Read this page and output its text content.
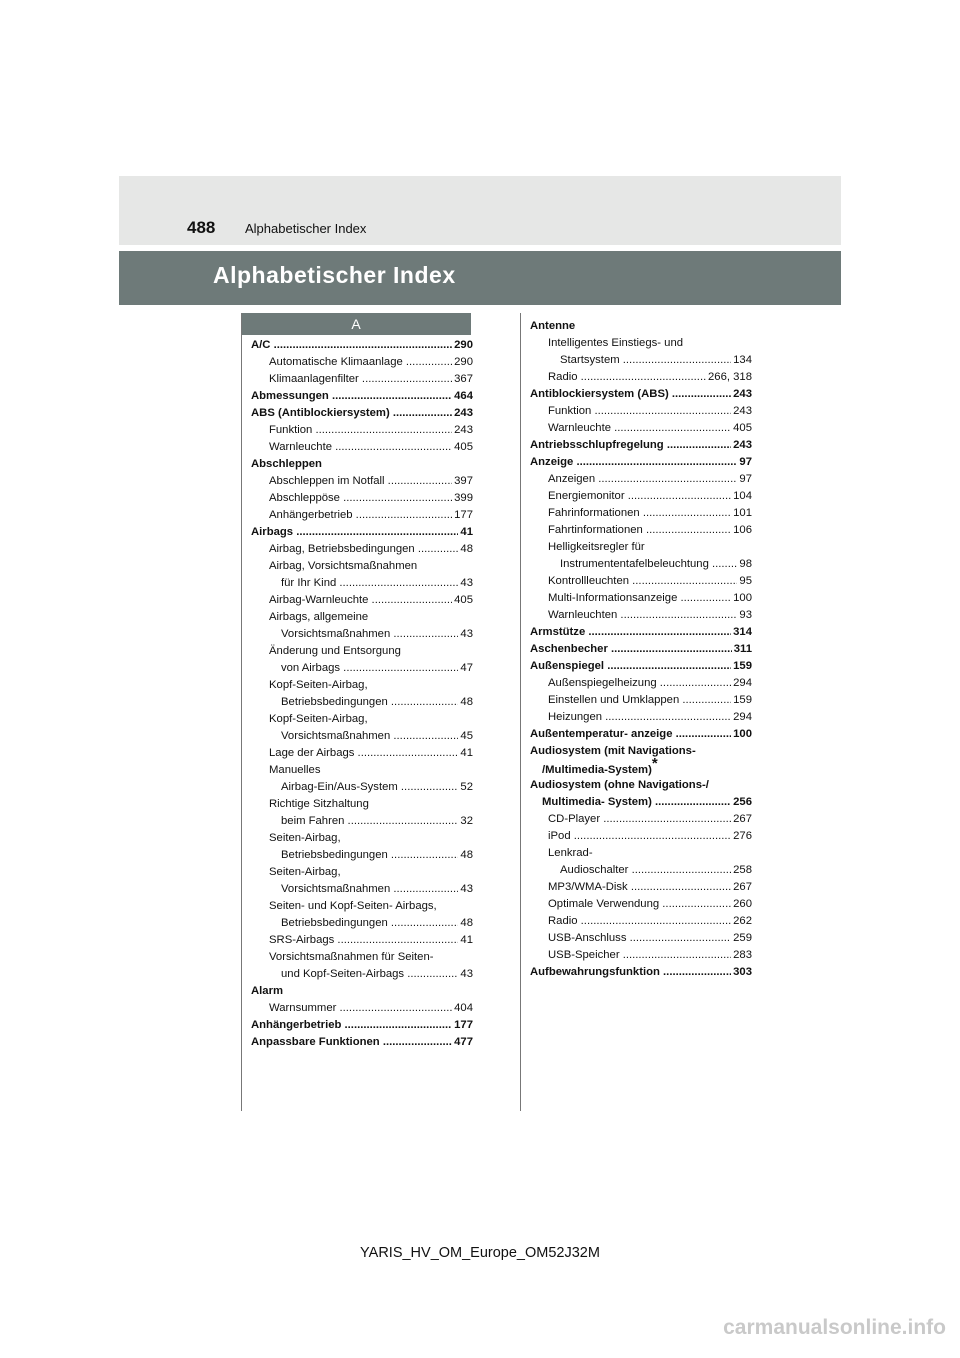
488 Alphabetischer Index
Alphabetischer Index
A
A/C .....	290
Automatische Klimaanlage .....	290
Klimaanlagenfilter .....	367
Abmessungen .....	464
ABS (Antiblockiersystem) .....	243
Funktion .....	243
Warnleuchte .....	405
Abschleppen
Abschleppen im Notfall .....	397
Abschleppöse .....	399
Anhängerbetrieb .....	177
Airbags .....	41
Airbag, Betriebsbedingungen .....	48
Airbag, Vorsichtsmaßnahmen
für Ihr Kind .....	43
Airbag-Warnleuchte .....	405
Airbags, allgemeine
Vorsichtsmaßnahmen .....	43
Änderung und Entsorgung
von Airbags .....	47
Kopf-Seiten-Airbag,
Betriebsbedingungen .....	48
Kopf-Seiten-Airbag,
Vorsichtsmaßnahmen .....	45
Lage der Airbags .....	41
Manuelles
Airbag-Ein/Aus-System .....	52
Richtige Sitzhaltung
beim Fahren .....	32
Seiten-Airbag,
Betriebsbedingungen .....	48
Seiten-Airbag,
Vorsichtsmaßnahmen .....	43
Seiten- und Kopf-Seiten- Airbags,
Betriebsbedingungen .....	48
SRS-Airbags .....	41
Vorsichtsmaßnahmen für Seiten-
und Kopf-Seiten-Airbags .....	43
Alarm
Warnsummer .....	404
Anhängerbetrieb .....	177
Anpassbare Funktionen .....	477
Antenne
Intelligentes Einstiegs- und
Startsystem .....	134
Radio .....	266, 318
Antiblockiersystem (ABS) .....	243
Funktion .....	243
Warnleuchte .....	405
Antriebsschlupfregelung .....	243
Anzeige .....	97
Anzeigen .....	97
Energiemonitor .....	104
Fahrinformationen .....	101
Fahrtinformationen .....	106
Helligkeitsregler für
Instrumententafelbeleuchtung .....	98
Kontrollleuchten .....	95
Multi-Informationsanzeige .....	100
Warnleuchten .....	93
Armstütze .....	314
Aschenbecher .....	311
Außenspiegel .....	159
Außenspiegelheizung .....	294
Einstellen und Umklappen .....	159
Heizungen .....	294
Außentemperatur- anzeige .....	100
Audiosystem (mit Navigations-
/Multimedia-System)*
Audiosystem (ohne Navigations-/
Multimedia- System) .....	256
CD-Player .....	267
iPod .....	276
Lenkrad-
Audioschalter .....	258
MP3/WMA-Disk .....	267
Optimale Verwendung .....	260
Radio .....	262
USB-Anschluss .....	259
USB-Speicher .....	283
Aufbewahrungsfunktion .....	303
YARIS_HV_OM_Europe_OM52J32M
carmanualsonline.info
